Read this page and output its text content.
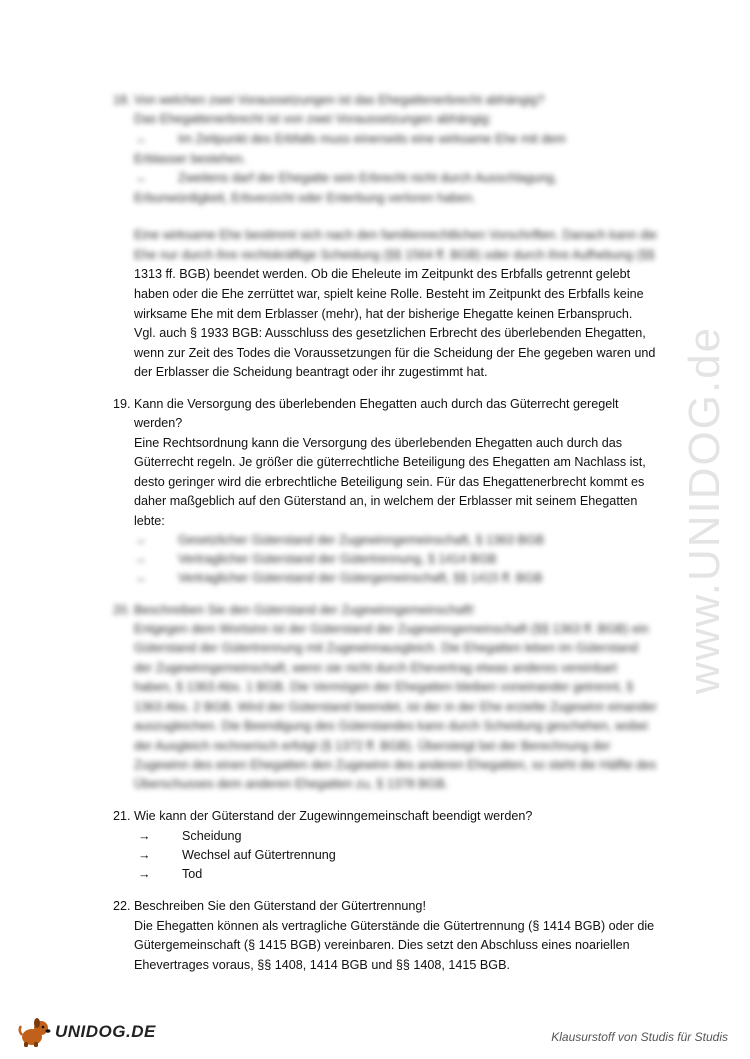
18. Von welchen zwei Voraussetzungen ist das Ehegattenerbrecht abhängig?
Das Ehegattenerbrecht ist von zwei Voraussetzungen abhängig:
→ Im Zeitpunkt des Erbfalls muss einerseits eine wirksame Ehe mit dem
Erblasser bestehen.
→ Zweitens darf der Ehegatte sein Erbrecht nicht durch Ausschlagung,
Erbunwürdigkeit, Erbverzicht oder Enterbung verloren haben.
Eine wirksame Ehe bestimmt sich nach den familienrechtlichen Vorschriften. Danach kann die
Ehe nur durch ihre rechtskräftige Scheidung (§§ 1564 ff. BGB) oder durch ihre Aufhebung (§§
1313 ff. BGB) beendet werden. Ob die Eheleute im Zeitpunkt des Erbfalls getrennt gelebt
haben oder die Ehe zerrüttet war, spielt keine Rolle. Besteht im Zeitpunkt des Erbfalls keine
wirksame Ehe mit dem Erblasser (mehr), hat der bisherige Ehegatte keinen Erbanspruch.
Vgl. auch § 1933 BGB: Ausschluss des gesetzlichen Erbrecht des überlebenden Ehegatten,
wenn zur Zeit des Todes die Voraussetzungen für die Scheidung der Ehe gegeben waren und
der Erblasser die Scheidung beantragt oder ihr zugestimmt hat.
19. Kann die Versorgung des überlebenden Ehegatten auch durch das Güterrecht geregelt
werden?
Eine Rechtsordnung kann die Versorgung des überlebenden Ehegatten auch durch das
Güterrecht regeln. Je größer die güterrechtliche Beteiligung des Ehegatten am Nachlass ist,
desto geringer wird die erbrechtliche Beteiligung sein. Für das Ehegattenerbrecht kommt es
daher maßgeblich auf den Güterstand an, in welchem der Erblasser mit seinem Ehegatten
lebte:
→ Gesetzlicher Güterstand der Zugewinngemeinschaft, § 1363 BGB
→ Vertraglicher Güterstand der Gütertrennung, § 1414 BGB
→ Vertraglicher Güterstand der Gütergemeinschaft, §§ 1415 ff. BGB
20. Beschreiben Sie den Güterstand der Zugewinngemeinschaft!
Entgegen dem Wortsinn ist der Güterstand der Zugewinngemeinschaft (§§ 1363 ff. BGB) ein
Güterstand der Gütertrennung mit Zugewinnausgleich. Die Ehegatten leben im Güterstand
der Zugewinngemeinschaft, wenn sie nicht durch Ehevertrag etwas anderes vereinbart
haben, § 1363 Abs. 1 BGB. Die Vermögen der Ehegatten bleiben voneinander getrennt, §
1363 Abs. 2 BGB. Wird der Güterstand beendet, ist der in der Ehe erzielte Zugewinn einander
auszugleichen. Die Beendigung des Güterstandes kann durch Scheidung geschehen, wobei
der Ausgleich rechnerisch erfolgt (§ 1372 ff. BGB). Übersteigt bei der Berechnung der
Zugewinn des einen Ehegatten den Zugewinn des anderen Ehegatten, so steht die Hälfte des
Überschusses dem anderen Ehegatten zu, § 1378 BGB.
21. Wie kann der Güterstand der Zugewinngemeinschaft beendigt werden?
→ Scheidung
→ Wechsel auf Gütertrennung
→ Tod
22. Beschreiben Sie den Güterstand der Gütertrennung!
Die Ehegatten können als vertragliche Güterstände die Gütertrennung (§ 1414 BGB) oder die
Gütergemeinschaft (§ 1415 BGB) vereinbaren. Dies setzt den Abschluss eines noariellen
Ehevertrages voraus, §§ 1408, 1414 BGB und §§ 1408, 1415 BGB.
www.UNIDOG.de
UNIDOG.DE	Klausurstoff von Studis für Studis
